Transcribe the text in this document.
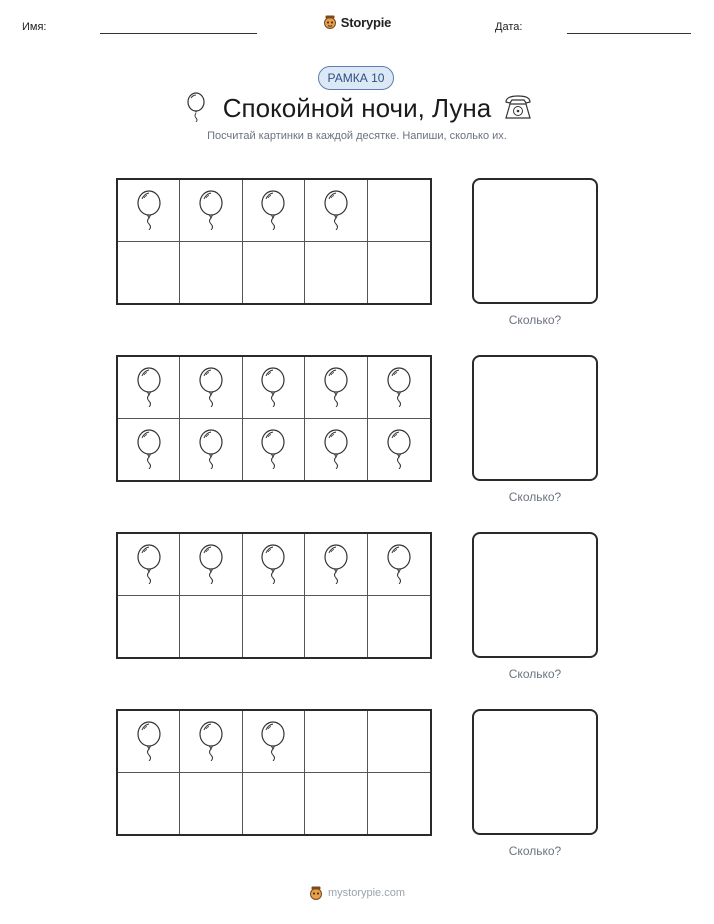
Имя:	Storypie	Дата:
РАМКА 10
Спокойной ночи, Луна
Посчитай картинки в каждой десятке. Напиши, сколько их.
Сколько?
Сколько?
Сколько?
Сколько?
mystorypie.com
